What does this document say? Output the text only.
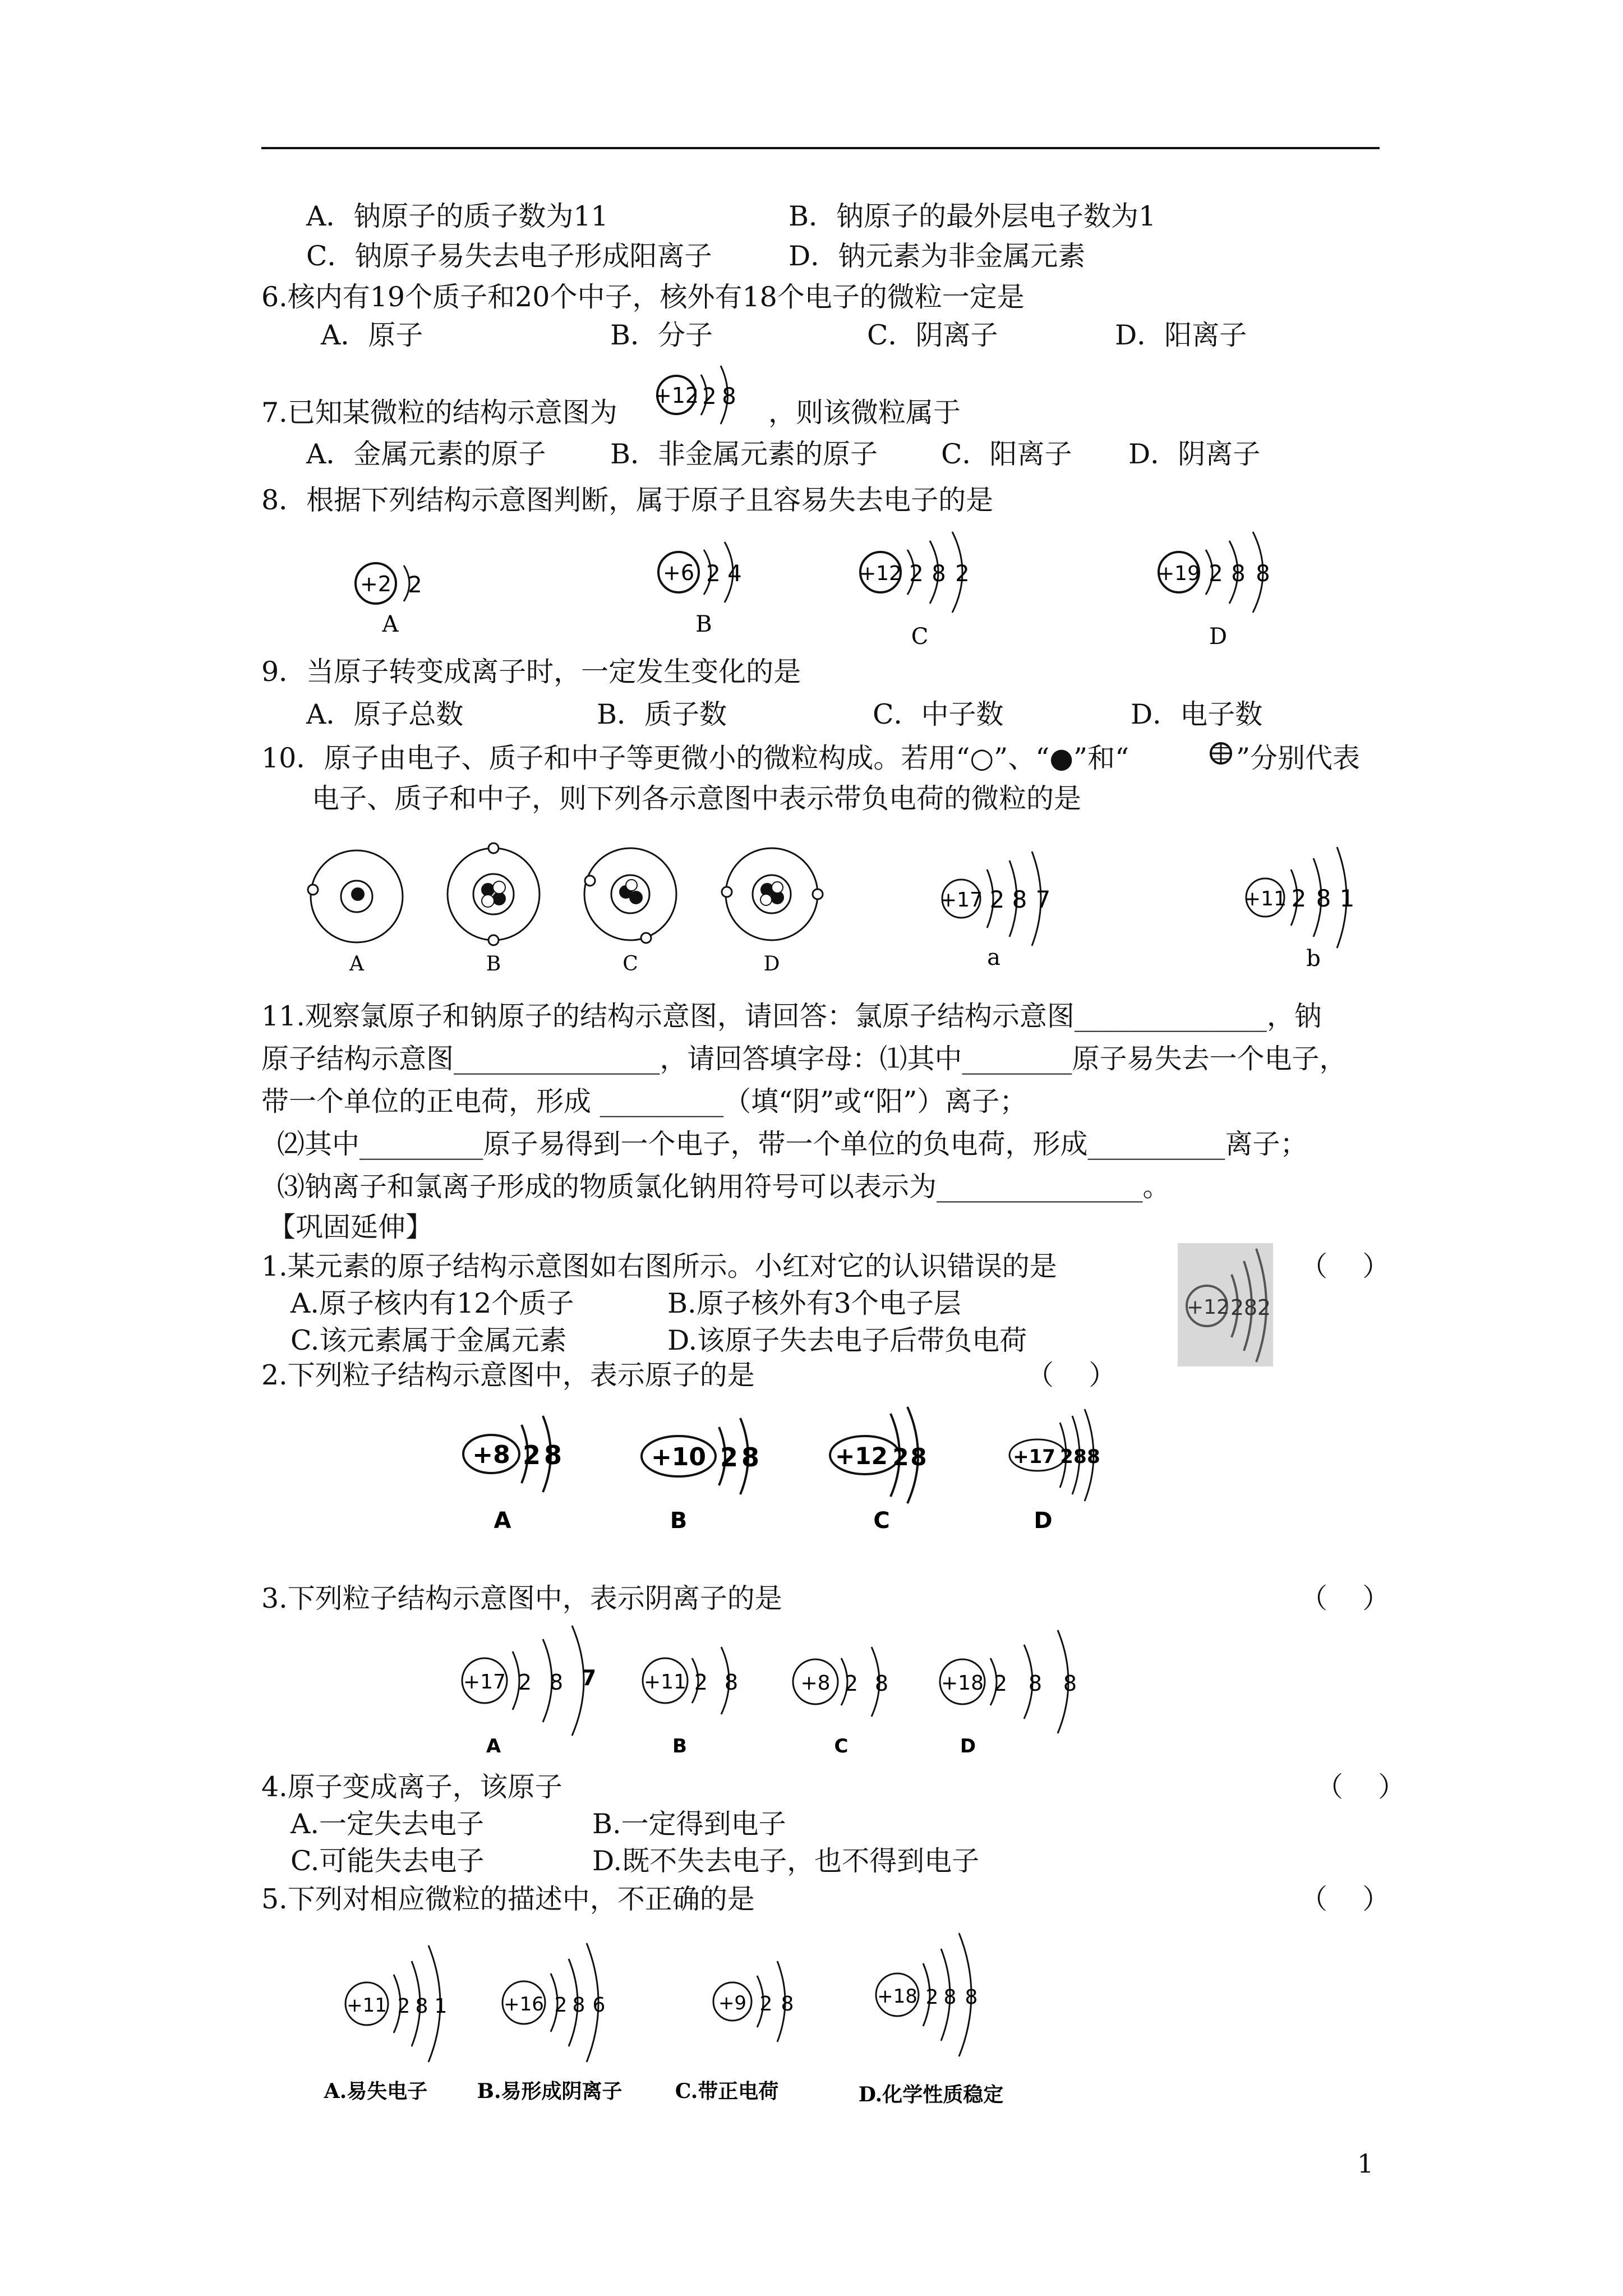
A．钠原子的质子数为11	B．钠原子的最外层电子数为1
C．钠原子易失去电子形成阳离子	D．钠元素为非金属元素
6.核内有19个质子和20个中子，核外有18个电子的微粒一定是
A．原子	B．分子	C．阴离子	D．阳离子
7.已知某微粒的结构示意图为
+12 2 8 ，则该微粒属于
A．金属元素的原子 B．非金属元素的原子 C．阳离子 D．阴离子
8．根据下列结构示意图判断，属于原子且容易失去电子的是
+2 2
A
+6 2 4
B
+12 2 8 2
C
+19 2 8 8
D
9．当原子转变成离子时，一定发生变化的是
A．原子总数	B．质子数	C．中子数	D．电子数
10．原子由电子、质子和中子等更微小的微粒构成。若用“○”、“●”和“	”分别代表
电子、质子和中子，则下列各示意图中表示带负电荷的微粒的是
A	B	C	D
+17 2 8 7
a
+11 2 8 1
b
11.观察氯原子和钠原子的结构示意图，请回答：氯原子结构示意图______________，钠
原子结构示意图_______________，请回答填字母：⑴其中________原子易失去一个电子，
带一个单位的正电荷，形成 _________（填“阴”或“阳”）离子；
⑵其中_________原子易得到一个电子，带一个单位的负电荷，形成__________离子；
⑶钠离子和氯离子形成的物质氯化钠用符号可以表示为_______________。
【巩固延伸】
1.某元素的原子结构示意图如右图所示。小红对它的认识错误的是	（    ）
A.原子核内有12个质子	B.原子核外有3个电子层
C.该元素属于金属元素	D.该原子失去电子后带负电荷
+12 2 8 2
2.下列粒子结构示意图中，表示原子的是	（    ）
+8 2 8
A
+10 2 8
B
+12 2 8
C
+17 2 8 8
D
3.下列粒子结构示意图中，表示阴离子的是	（    ）
+17 2 8 7
A
+11 2 8
B
+8 2 8
C
+18 2 8 8
D
4.原子变成离子，该原子	（    ）
A.一定失去电子	B.一定得到电子
C.可能失去电子	D.既不失去电子，也不得到电子
5.下列对相应微粒的描述中，不正确的是	（    ）
+11 2 8 1
A.易失电子
+16 2 8 6
B.易形成阴离子
+9 2 8
C.带正电荷
+18 2 8 8
D.化学性质稳定
1
